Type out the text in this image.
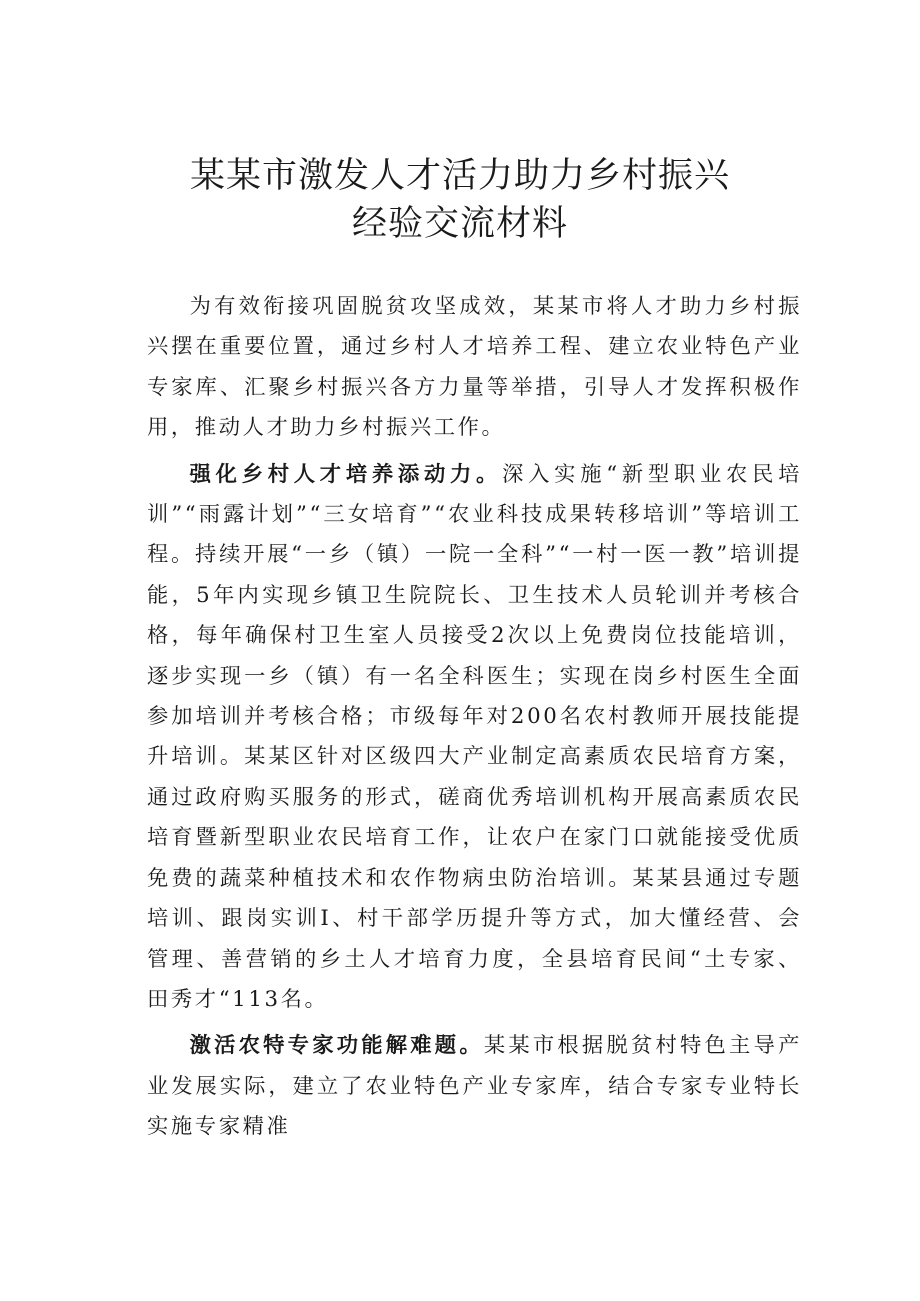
某某市激发人才活力助力乡村振兴
经验交流材料

为有效衔接巩固脱贫攻坚成效，某某市将人才助力乡村振兴摆在重要位置，通过乡村人才培养工程、建立农业特色产业专家库、汇聚乡村振兴各方力量等举措，引导人才发挥积极作用，推动人才助力乡村振兴工作。

强化乡村人才培养添动力。深入实施“新型职业农民培训”“雨露计划”“三女培育”“农业科技成果转移培训”等培训工程。持续开展“一乡（镇）一院一全科”“一村一医一教”培训提能，5年内实现乡镇卫生院院长、卫生技术人员轮训并考核合格，每年确保村卫生室人员接受2次以上免费岗位技能培训，逐步实现一乡（镇）有一名全科医生；实现在岗乡村医生全面参加培训并考核合格；市级每年对200名农村教师开展技能提升培训。某某区针对区级四大产业制定高素质农民培育方案，通过政府购买服务的形式，磋商优秀培训机构开展高素质农民培育暨新型职业农民培育工作，让农户在家门口就能接受优质免费的蔬菜种植技术和农作物病虫防治培训。某某县通过专题培训、跟岗实训I、村干部学历提升等方式，加大懂经营、会管理、善营销的乡土人才培育力度，全县培育民间“土专家、田秀才“113名。

激活农特专家功能解难题。某某市根据脱贫村特色主导产业发展实际，建立了农业特色产业专家库，结合专家专业特长实施专家精准
